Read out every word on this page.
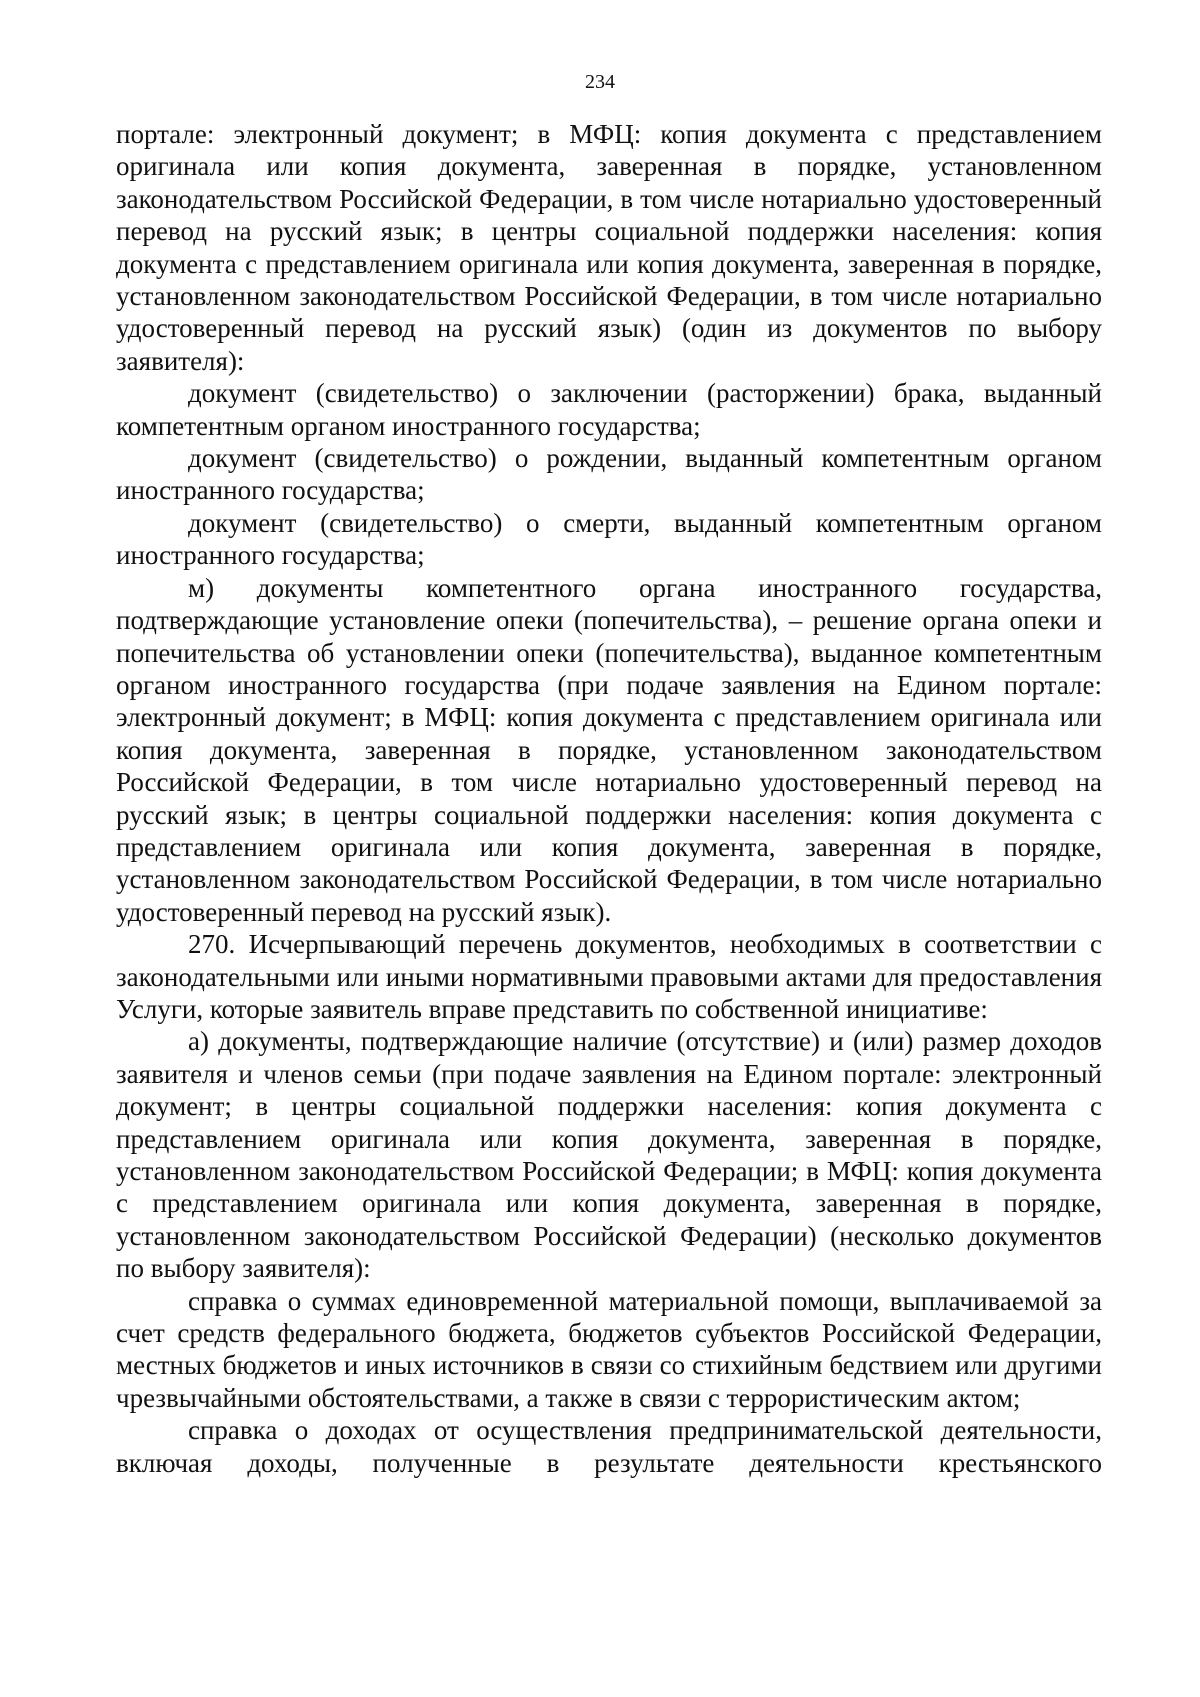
234

портале: электронный документ; в МФЦ: копия документа с представлением оригинала или копия документа, заверенная в порядке, установленном законодательством Российской Федерации, в том числе нотариально удостоверенный перевод на русский язык; в центры социальной поддержки населения: копия документа с представлением оригинала или копия документа, заверенная в порядке, установленном законодательством Российской Федерации, в том числе нотариально удостоверенный перевод на русский язык) (один из документов по выбору заявителя):

документ (свидетельство) о заключении (расторжении) брака, выданный компетентным органом иностранного государства;

документ (свидетельство) о рождении, выданный компетентным органом иностранного государства;

документ (свидетельство) о смерти, выданный компетентным органом иностранного государства;

м) документы компетентного органа иностранного государства, подтверждающие установление опеки (попечительства), – решение органа опеки и попечительства об установлении опеки (попечительства), выданное компетентным органом иностранного государства (при подаче заявления на Едином портале: электронный документ; в МФЦ: копия документа с представлением оригинала или копия документа, заверенная в порядке, установленном законодательством Российской Федерации, в том числе нотариально удостоверенный перевод на русский язык; в центры социальной поддержки населения: копия документа с представлением оригинала или копия документа, заверенная в порядке, установленном законодательством Российской Федерации, в том числе нотариально удостоверенный перевод на русский язык).

270. Исчерпывающий перечень документов, необходимых в соответствии с законодательными или иными нормативными правовыми актами для предоставления Услуги, которые заявитель вправе представить по собственной инициативе:

а) документы, подтверждающие наличие (отсутствие) и (или) размер доходов заявителя и членов семьи (при подаче заявления на Едином портале: электронный документ; в центры социальной поддержки населения: копия документа с представлением оригинала или копия документа, заверенная в порядке, установленном законодательством Российской Федерации; в МФЦ: копия документа с представлением оригинала или копия документа, заверенная в порядке, установленном законодательством Российской Федерации) (несколько документов по выбору заявителя):

справка о суммах единовременной материальной помощи, выплачиваемой за счет средств федерального бюджета, бюджетов субъектов Российской Федерации, местных бюджетов и иных источников в связи со стихийным бедствием или другими чрезвычайными обстоятельствами, а также в связи с террористическим актом;

справка о доходах от осуществления предпринимательской деятельности, включая доходы, полученные в результате деятельности крестьянского
